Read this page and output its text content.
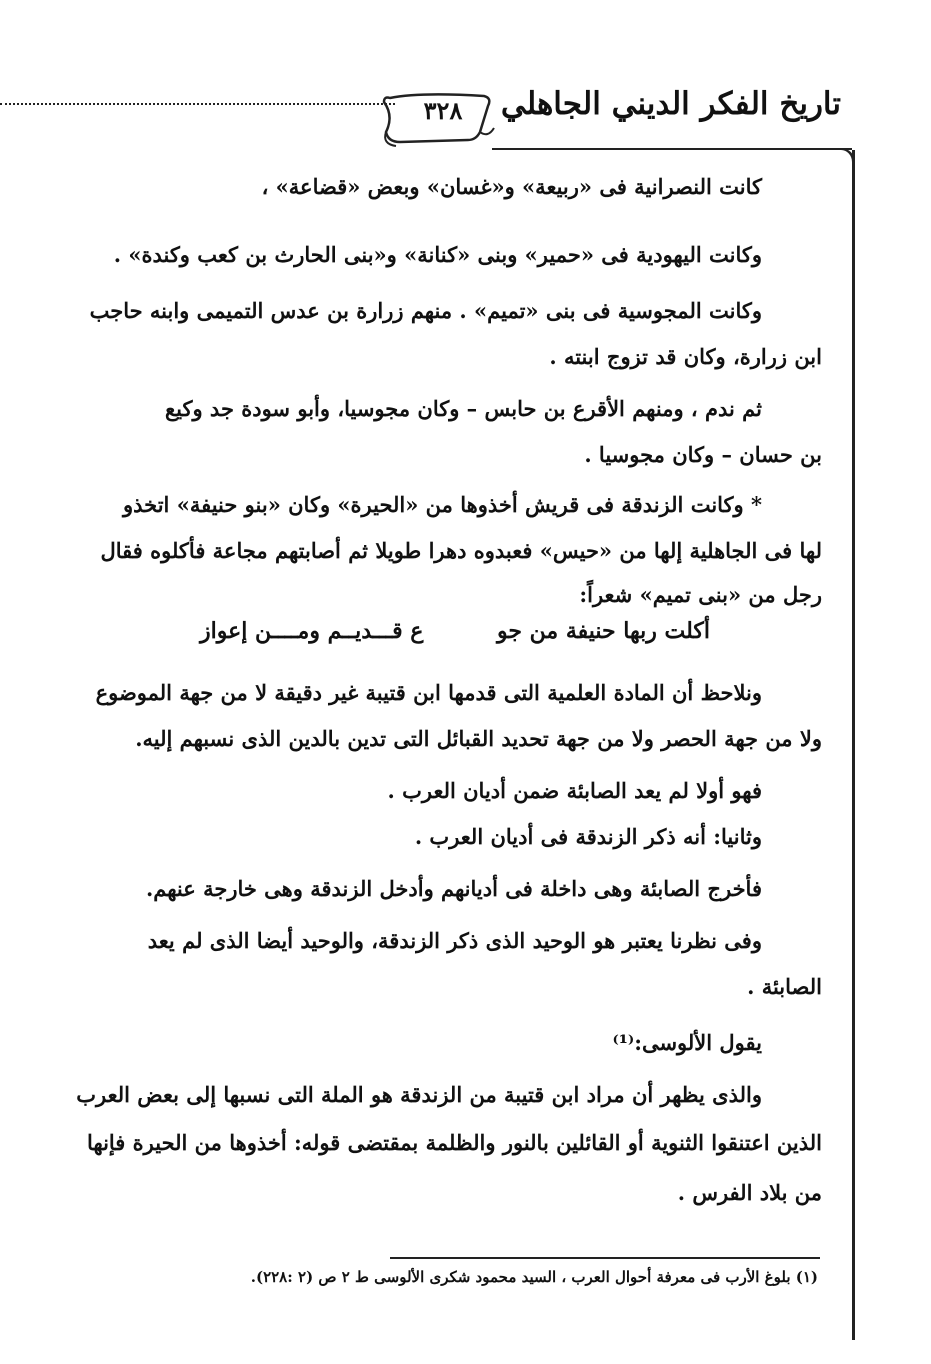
٣٢٨	تاريخ الفكر الديني الجاهلي
كانت النصرانية فى «ربيعة» و«غسان» وبعض «قضاعة» ،
وكانت اليهودية فى «حمير» وبنى «كنانة» و«بنى الحارث بن كعب وكندة» .
وكانت المجوسية فى بنى «تميم» . منهم زرارة بن عدس التميمى وابنه حاجب
ابن زرارة، وكان قد تزوج ابنته .
ثم ندم ، ومنهم الأقرع بن حابس – وكان مجوسيا، وأبو سودة جد وكيع
بن حسان – وكان مجوسيا .
* وكانت الزندقة فى قريش أخذوها من «الحيرة» وكان «بنو حنيفة» اتخذو
لها فى الجاهلية إلها من «حيس» فعبدوه دهرا طويلا ثم أصابتهم مجاعة فأكلوه فقال
رجل من «بنى تميم» شعراً:
ونلاحظ أن المادة العلمية التى قدمها ابن قتيبة غير دقيقة لا من جهة الموضوع
ولا من جهة الحصر ولا من جهة تحديد القبائل التى تدين بالدين الذى نسبهم إليه.
فهو أولا لم يعد الصابئة ضمن أديان العرب .
وثانيا: أنه ذكر الزندقة فى أديان العرب .
فأخرج الصابئة وهى داخلة فى أديانهم وأدخل الزندقة وهى خارجة عنهم.
وفى نظرنا يعتبر هو الوحيد الذى ذكر الزندقة، والوحيد أيضا الذى لم يعد
الصابئة .
يقول الألوسى:⁽¹⁾
والذى يظهر أن مراد ابن قتيبة من الزندقة هو الملة التى نسبها إلى بعض العرب
الذين اعتنقوا الثنوية أو القائلين بالنور والظلمة بمقتضى قوله: أخذوها من الحيرة فإنها
من بلاد الفرس .
أكلت ربها حنيفة من جو
ع قـــديــم ومــــن إعواز
(١) بلوغ الأرب فى معرفة أحوال العرب ، السيد محمود شكرى الألوسى ط ٢ ص (٢ :٢٢٨).
